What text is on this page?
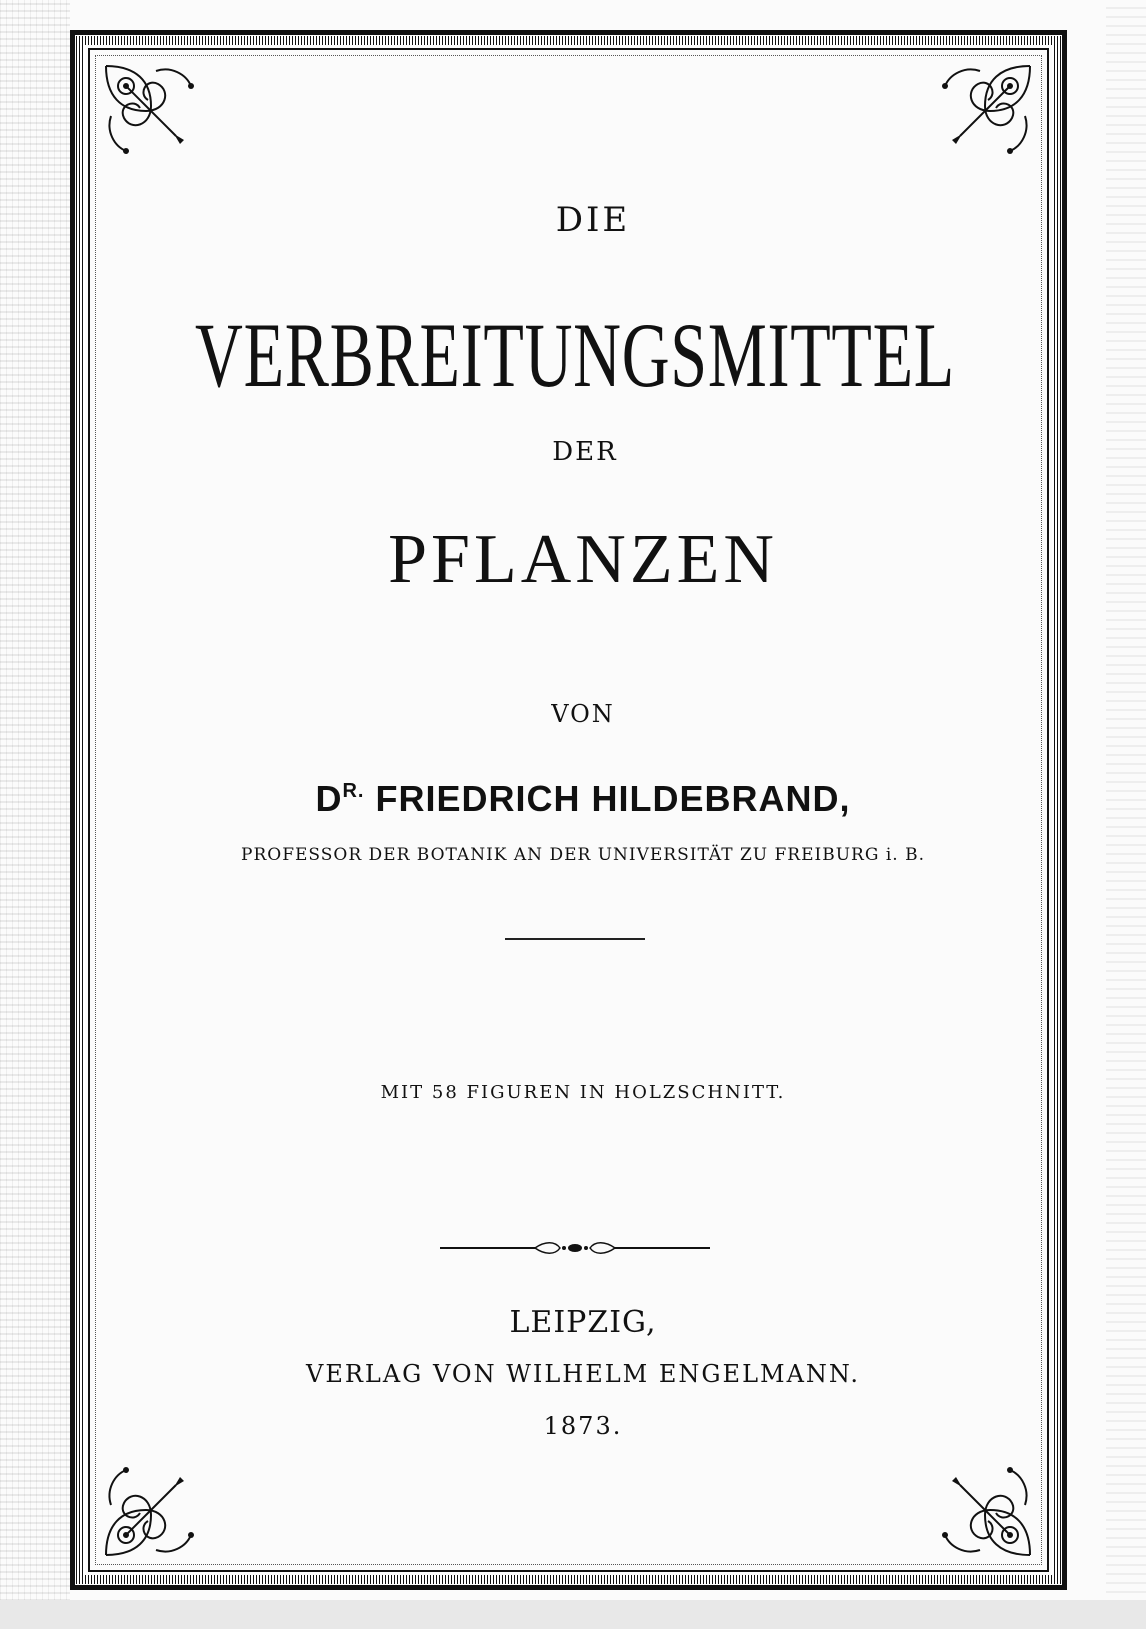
DIE
VERBREITUNGSMITTEL
DER
PFLANZEN
VON
$D^{R.}$ FRIEDRICH HILDEBRAND,
PROFESSOR DER BOTANIK AN DER UNIVERSITÄT ZU FREIBURG i. B.
MIT 58 FIGUREN IN HOLZSCHNITT.
LEIPZIG,
VERLAG VON WILHELM ENGELMANN.
1873.
